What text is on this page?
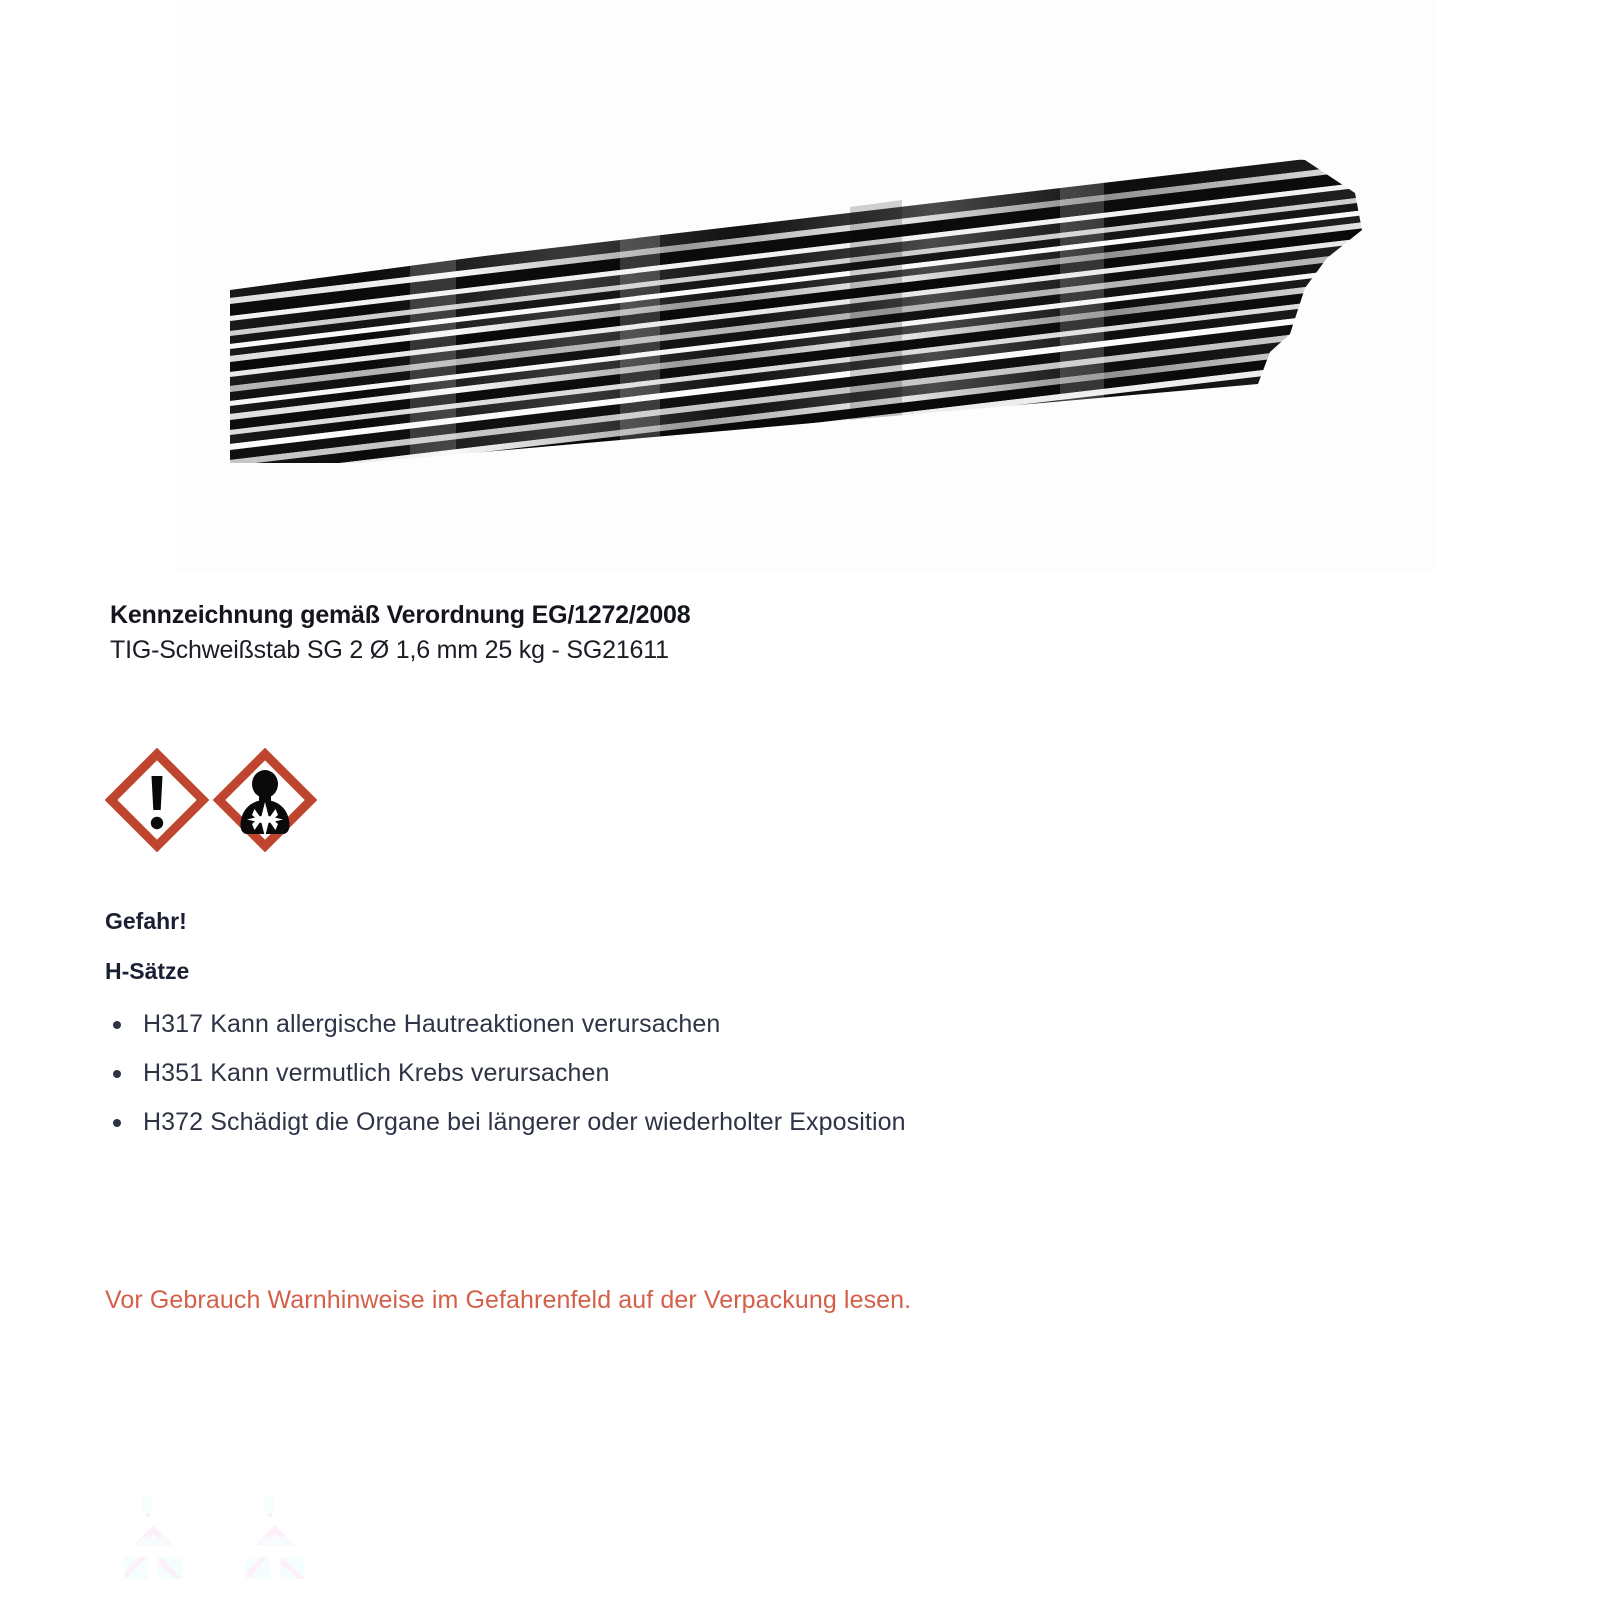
Kennzeichnung gemäß Verordnung EG/1272/2008
TIG-Schweißstab SG 2 Ø 1,6 mm 25 kg - SG21611
Gefahr!
H-Sätze
H317 Kann allergische Hautreaktionen verursachen
H351 Kann vermutlich Krebs verursachen
H372 Schädigt die Organe bei längerer oder wiederholter Exposition
Vor Gebrauch Warnhinweise im Gefahrenfeld auf der Verpackung lesen.
